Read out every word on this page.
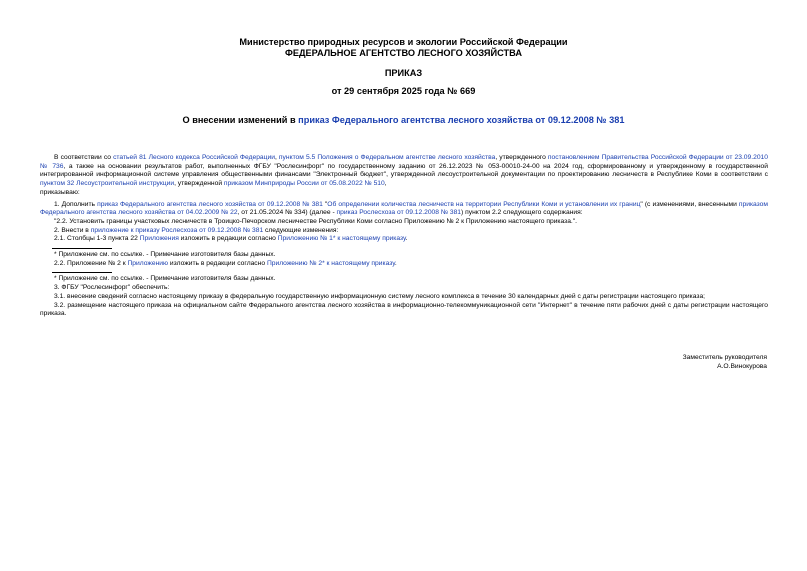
Министерство природных ресурсов и экологии Российской Федерации

ФЕДЕРАЛЬНОЕ АГЕНТСТВО ЛЕСНОГО ХОЗЯЙСТВА

ПРИКАЗ

от 29 сентября 2025 года № 669

О внесении изменений в приказ Федерального агентства лесного хозяйства от 09.12.2008 № 381

В соответствии со статьей 81 Лесного кодекса Российской Федерации, пунктом 5.5 Положения о Федеральном агентстве лесного хозяйства, утвержденного постановлением Правительства Российской Федерации от 23.09.2010 № 736, а также на основании результатов работ, выполненных ФГБУ "Рослесинфорг" по государственному заданию от 26.12.2023 № 053-00010-24-00 на 2024 год, сформированному и утвержденному в государственной интегрированной информационной системе управления общественными финансами "Электронный бюджет", утвержденной лесоустроительной документации по проектированию лесничеств в Республике Коми в соответствии с пунктом 32 Лесоустроительной инструкции, утвержденной приказом Минприроды России от 05.08.2022 № 510,

приказываю:

1. Дополнить приказ Федерального агентства лесного хозяйства от 09.12.2008 № 381 "Об определении количества лесничеств на территории Республики Коми и установлении их границ" (с изменениями, внесенными приказом Федерального агентства лесного хозяйства от 04.02.2009 № 22, от 21.05.2024 № 334) (далее - приказ Рослесхоза от 09.12.2008 № 381) пунктом 2.2 следующего содержания:

"2.2. Установить границы участковых лесничеств в Троицко-Печорском лесничестве Республики Коми согласно Приложению № 2 к Приложению настоящего приказа.".

2. Внести в приложение к приказу Рослесхоза от 09.12.2008 № 381 следующие изменения:

2.1. Столбцы 1-3 пункта 22 Приложения изложить в редакции согласно Приложению № 1* к настоящему приказу.

* Приложение см. по ссылке. - Примечание изготовителя базы данных.

2.2. Приложение № 2 к Приложению изложить в редакции согласно Приложению № 2* к настоящему приказу.

* Приложение см. по ссылке. - Примечание изготовителя базы данных.

3. ФГБУ "Рослесинфорг" обеспечить:

3.1. внесение сведений согласно настоящему приказу в федеральную государственную информационную систему лесного комплекса в течение 30 календарных дней с даты регистрации настоящего приказа;

3.2. размещение настоящего приказа на официальном сайте Федерального агентства лесного хозяйства в информационно-телекоммуникационной сети "Интернет" в течение пяти рабочих дней с даты регистрации настоящего приказа.

Заместитель руководителя
А.О.Винокурова
